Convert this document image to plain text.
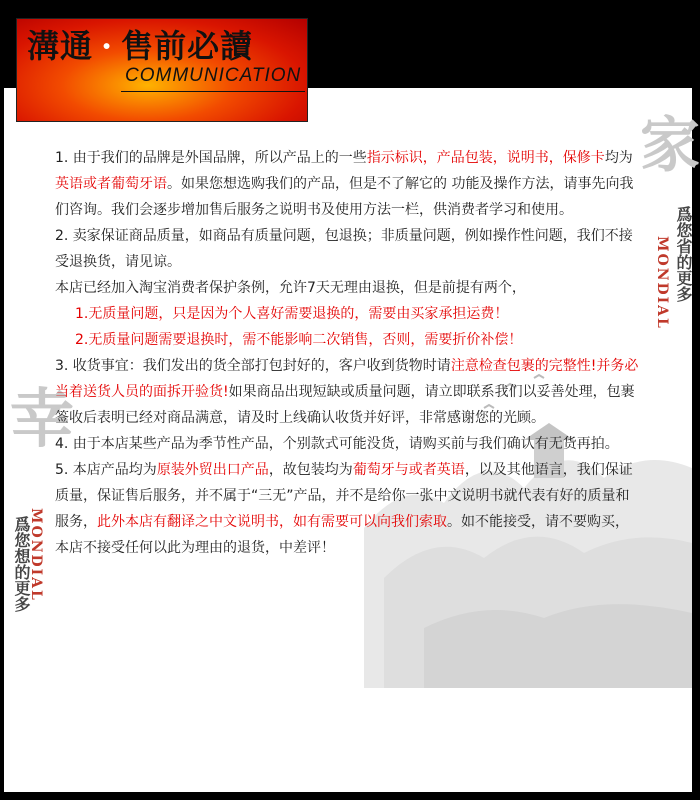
家
爲您省的更多
MONDIAL
幸
爲您想的更多
MONDIAL
溝通 · 售前必讀
COMMUNICATION

1. 由于我们的品牌是外国品牌，所以产品上的一些指示标识，产品包装，说明书，保修卡均为英语或者葡萄牙语。如果您想选购我们的产品，但是不了解它的 功能及操作方法，请事先向我们咨询。我们会逐步增加售后服务之说明书及使用方法一栏，供消费者学习和使用。

2. 卖家保证商品质量，如商品有质量问题，包退换；非质量问题，例如操作性问题，我们不接受退换货，请见谅。

本店已经加入淘宝消费者保护条例，允许7天无理由退换，但是前提有两个，

1.无质量问题，只是因为个人喜好需要退换的，需要由买家承担运费！

2.无质量问题需要退换时，需不能影响二次销售，否则，需要折价补偿！

3. 收货事宜：我们发出的货全部打包封好的，客户收到货物时请注意检查包裹的完整性!并务必当着送货人员的面拆开验货!如果商品出现短缺或质量问题，请立即联系我们以妥善处理，包裹签收后表明已经对商品满意，请及时上线确认收货并好评，非常感谢您的光顾。

4. 由于本店某些产品为季节性产品，个别款式可能没货，请购买前与我们确认有无货再拍。

5. 本店产品均为原装外贸出口产品，故包装均为葡萄牙与或者英语，以及其他语言，我们保证质量，保证售后服务，并不属于“三无”产品，并不是给你一张中文说明书就代表有好的质量和服务，此外本店有翻译之中文说明书，如有需要可以向我们索取。如不能接受，请不要购买，本店不接受任何以此为理由的退货，中差评！
